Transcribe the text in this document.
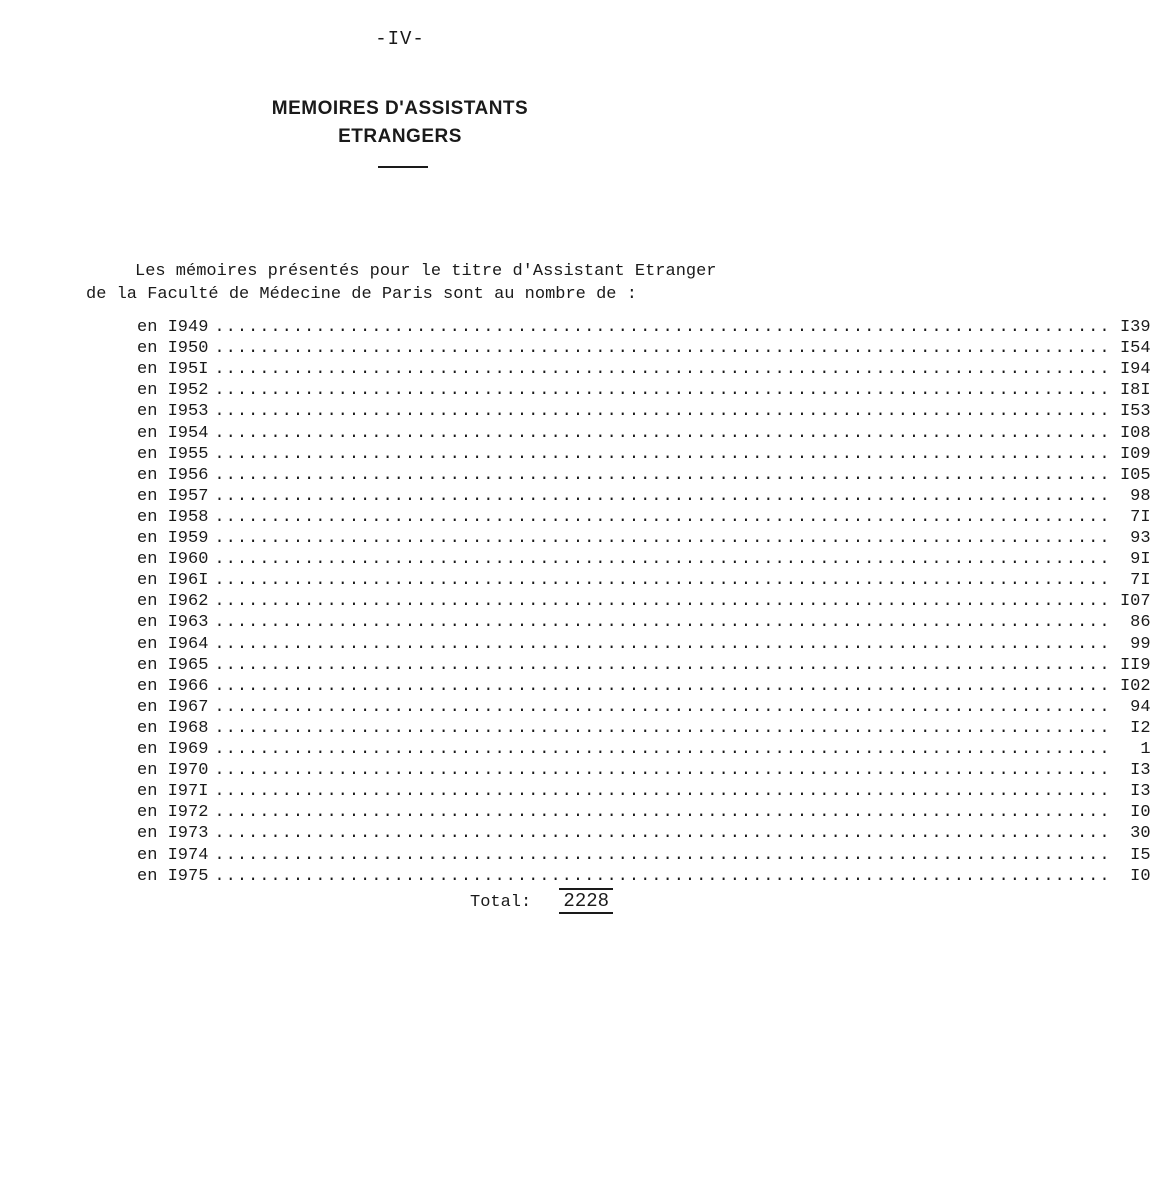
-IV-
MEMOIRES D'ASSISTANTS
ETRANGERS
Les mémoires présentés pour le titre d'Assistant Etranger
de la Faculté de Médecine de Paris sont au nombre de :
en I949 ................................................................................ I39
en I950 ................................................................................ I54
en I95I ................................................................................ I94
en I952 ................................................................................ I8I
en I953 ................................................................................ I53
en I954 ................................................................................ I08
en I955 ................................................................................ I09
en I956 ................................................................................ I05
en I957 ................................................................................	98
en I958 ................................................................................	7I
en I959 ................................................................................	93
en I960 ................................................................................	9I
en I96I ................................................................................	7I
en I962 ................................................................................ I07
en I963 ................................................................................	86
en I964 ................................................................................	99
en I965 ................................................................................ II9
en I966 ................................................................................ I02
en I967 ................................................................................	94
en I968 ................................................................................	I2
en I969 ................................................................................	1
en I970 ................................................................................	I3
en I97I ................................................................................	I3
en I972 ................................................................................	I0
en I973 ................................................................................	30
en I974 ................................................................................	I5
en I975 ................................................................................	I0
Total: 2228
